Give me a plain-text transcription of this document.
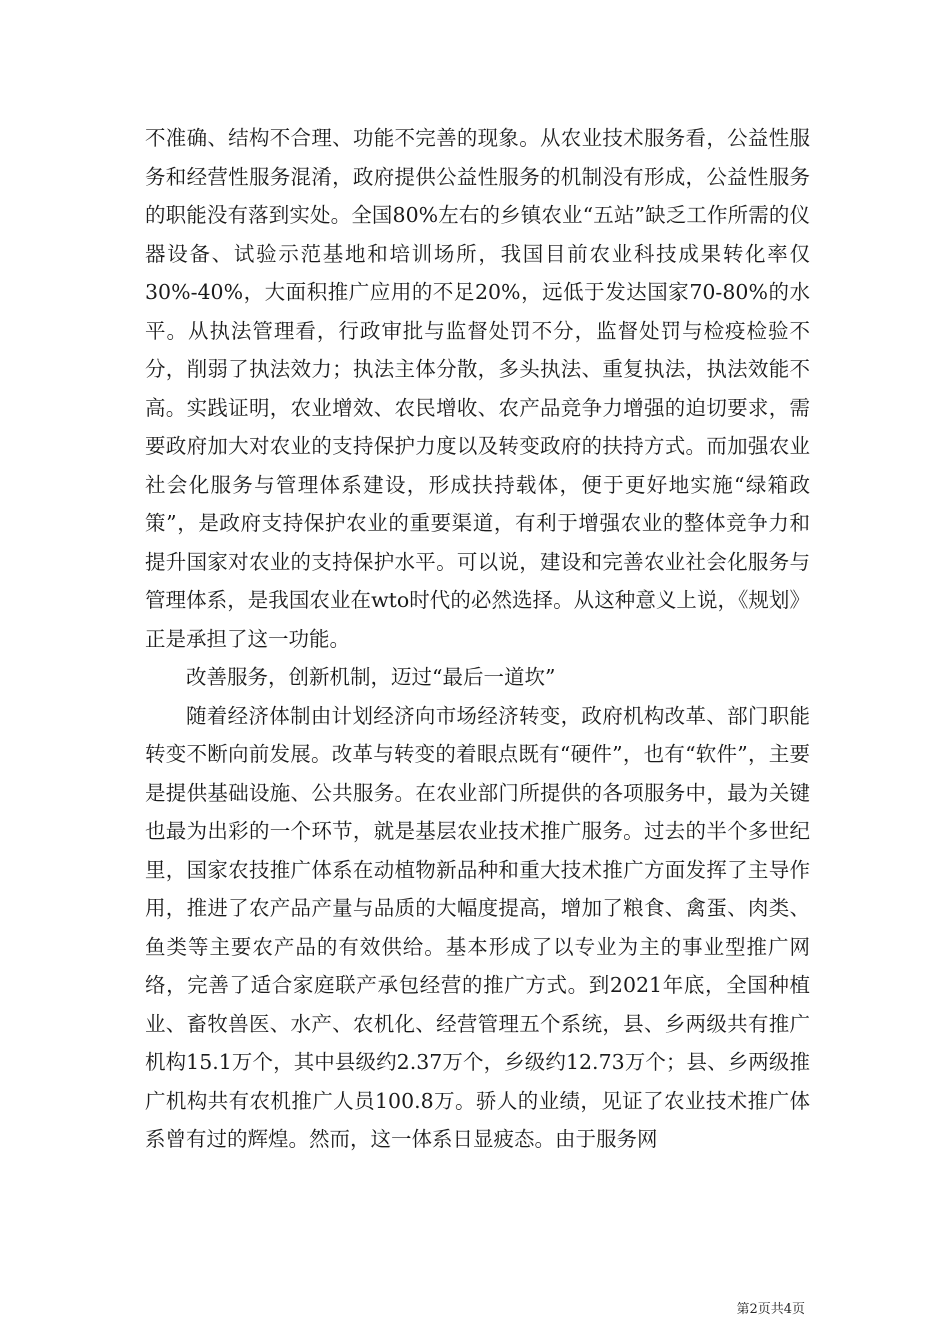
不准确、结构不合理、功能不完善的现象。从农业技术服务看，公益性服务和经营性服务混淆，政府提供公益性服务的机制没有形成，公益性服务的职能没有落到实处。全国80%左右的乡镇农业“五站”缺乏工作所需的仪器设备、试验示范基地和培训场所，我国目前农业科技成果转化率仅30%-40%，大面积推广应用的不足20%，远低于发达国家70-80%的水平。从执法管理看，行政审批与监督处罚不分，监督处罚与检疫检验不分，削弱了执法效力；执法主体分散，多头执法、重复执法，执法效能不高。实践证明，农业增效、农民增收、农产品竞争力增强的迫切要求，需要政府加大对农业的支持保护力度以及转变政府的扶持方式。而加强农业社会化服务与管理体系建设，形成扶持载体，便于更好地实施“绿箱政策”，是政府支持保护农业的重要渠道，有利于增强农业的整体竞争力和提升国家对农业的支持保护水平。可以说，建设和完善农业社会化服务与管理体系，是我国农业在wto时代的必然选择。从这种意义上说，《规划》正是承担了这一功能。

改善服务，创新机制，迈过“最后一道坎”

随着经济体制由计划经济向市场经济转变，政府机构改革、部门职能转变不断向前发展。改革与转变的着眼点既有“硬件”，也有“软件”，主要是提供基础设施、公共服务。在农业部门所提供的各项服务中，最为关键也最为出彩的一个环节，就是基层农业技术推广服务。过去的半个多世纪里，国家农技推广体系在动植物新品种和重大技术推广方面发挥了主导作用，推进了农产品产量与品质的大幅度提高，增加了粮食、禽蛋、肉类、鱼类等主要农产品的有效供给。基本形成了以专业为主的事业型推广网络，完善了适合家庭联产承包经营的推广方式。到2021年底，全国种植业、畜牧兽医、水产、农机化、经营管理五个系统，县、乡两级共有推广机构15.1万个，其中县级约2.37万个，乡级约12.73万个；县、乡两级推广机构共有农机推广人员100.8万。骄人的业绩，见证了农业技术推广体系曾有过的辉煌。然而，这一体系日显疲态。由于服务网

第2页共4页
